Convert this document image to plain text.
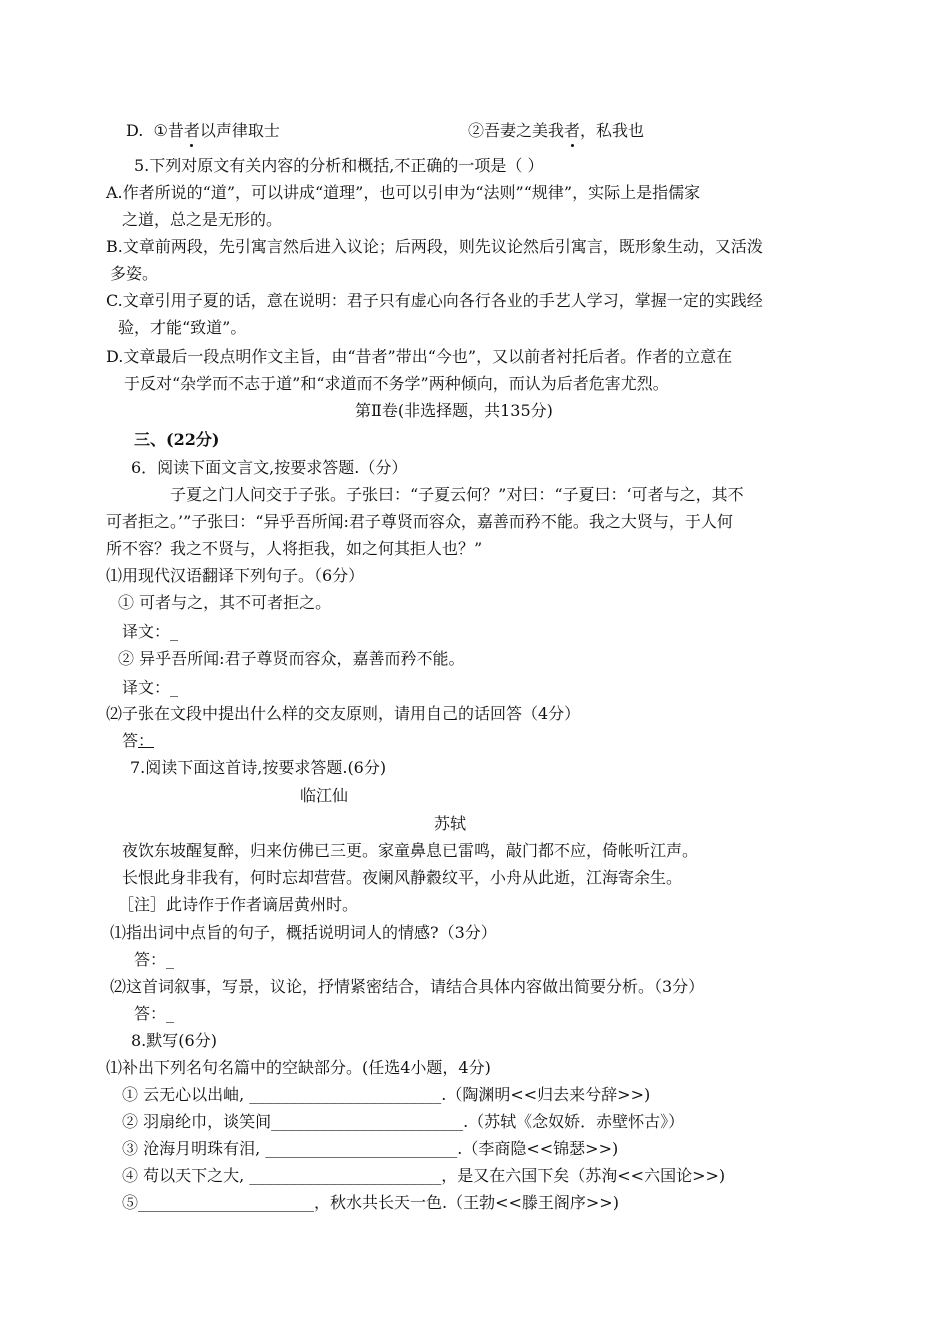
D. ①昔者以声律取士	②吾妻之美我者，私我也
5.下列对原文有关内容的分析和概括,不正确的一项是（ ）
A.作者所说的“道”，可以讲成“道理”，也可以引申为“法则”“规律”，实际上是指儒家
之道，总之是无形的。
B.文章前两段，先引寓言然后进入议论；后两段，则先议论然后引寓言，既形象生动，又活泼
多姿。
C.文章引用子夏的话，意在说明：君子只有虚心向各行各业的手艺人学习，掌握一定的实践经
验，才能“致道”。
D.文章最后一段点明作文主旨，由“昔者”带出“今也”，又以前者衬托后者。作者的立意在
于反对“杂学而不志于道”和“求道而不务学”两种倾向，而认为后者危害尤烈。
第Ⅱ卷(非选择题，共135分)
三、(22分)
6．阅读下面文言文,按要求答题.（分）
子夏之门人问交于子张。子张曰：“子夏云何？”对曰：“子夏曰：‘可者与之，其不
可者拒之。’”子张曰：“异乎吾所闻:君子尊贤而容众，嘉善而矜不能。我之大贤与，于人何
所不容？我之不贤与，人将拒我，如之何其拒人也？”
⑴用现代汉语翻译下列句子。（6分）
① 可者与之，其不可者拒之。
译文：_
② 异乎吾所闻:君子尊贤而容众，嘉善而矜不能。
译文：_
⑵子张在文段中提出什么样的交友原则，请用自己的话回答（4分）
答：
7.阅读下面这首诗,按要求答题.(6分)
临江仙
苏轼
夜饮东坡醒复醉，归来仿佛已三更。家童鼻息已雷鸣，敲门都不应，倚帐听江声。
长恨此身非我有，何时忘却营营。夜阑风静縠纹平，小舟从此逝，江海寄余生。
［注］此诗作于作者谪居黄州时。
⑴指出词中点旨的句子，概括说明词人的情感?（3分）
答：_
⑵这首词叙事，写景，议论，抒情紧密结合，请结合具体内容做出简要分析。（3分）
答：_
8.默写(6分)
⑴补出下列名句名篇中的空缺部分。(任选4小题，4分)
① 云无心以出岫, ________________________.（陶渊明<<归去来兮辞>>)
② 羽扇纶巾，谈笑间________________________.（苏轼《念奴娇．赤壁怀古》）
③ 沧海月明珠有泪, ________________________.（李商隐<<锦瑟>>)
④ 苟以天下之大, ________________________，是又在六国下矣（苏洵<<六国论>>)
⑤______________________，秋水共长天一色.（王勃<<滕王阁序>>)
